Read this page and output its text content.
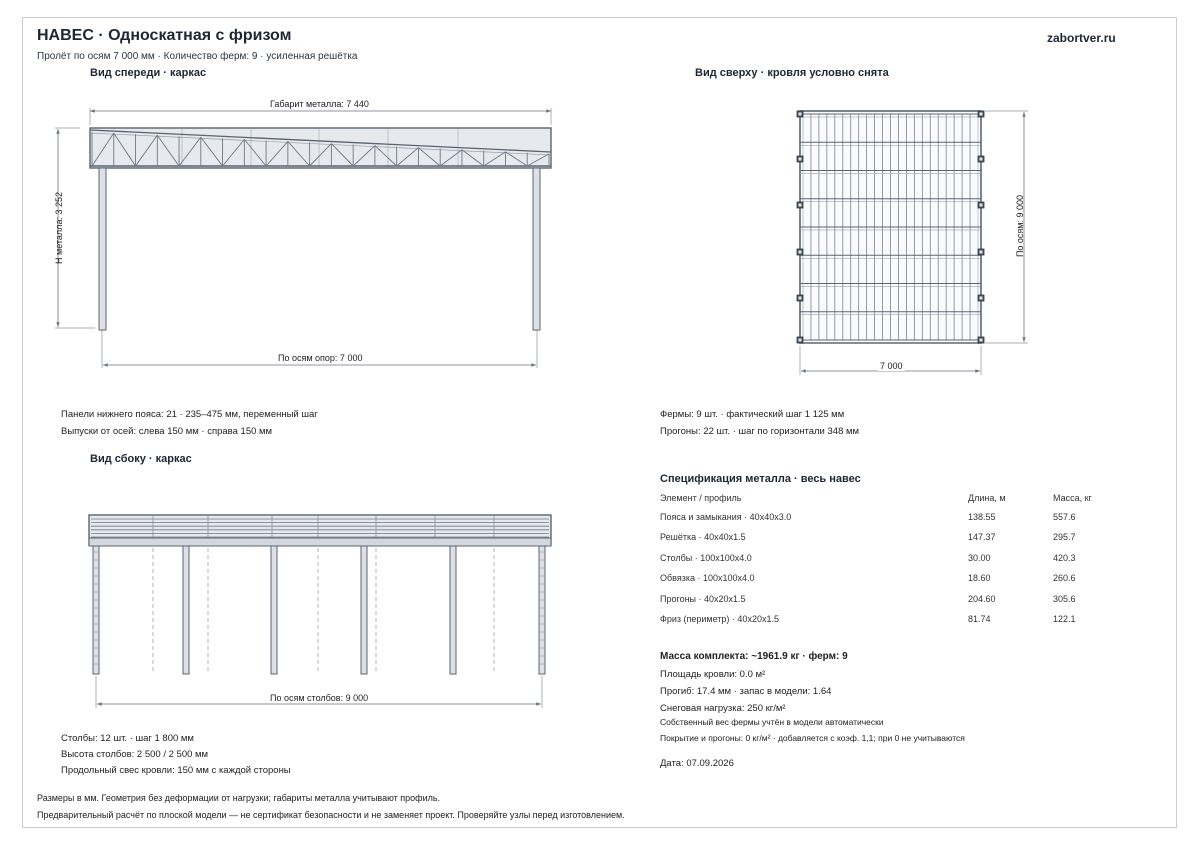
НАВЕС · Односкатная с фризом
Пролёт по осям 7 000 мм · Количество ферм: 9 · усиленная решётка
zabortver.ru
Вид спереди · каркас	Вид сверху · кровля условно снята
Вид сбоку · каркас
Габарит металла: 7 440
H металла: 3 252
По осям опор: 7 000
По осям: 9 000
7 000
По осям столбов: 9 000
Панели нижнего пояса: 21 · 235–475 мм, переменный шаг
Выпуски от осей: слева 150 мм · справа 150 мм
Фермы: 9 шт. · фактический шаг 1 125 мм
Прогоны: 22 шт. · шаг по горизонтали 348 мм
Столбы: 12 шт. · шаг 1 800 мм
Высота столбов: 2 500 / 2 500 мм
Продольный свес кровли: 150 мм с каждой стороны
Спецификация металла · весь навес
Элемент / профиль	Длина, м	Масса, кг
Пояса и замыкания · 40x40x3.0	138.55	557.6
Решётка · 40x40x1.5	147.37	295.7
Столбы · 100x100x4.0	30.00	420.3
Обвязка · 100x100x4.0	18.60	260.6
Прогоны · 40x20x1.5	204.60	305.6
Фриз (периметр) · 40x20x1.5	81.74	122.1
Масса комплекта: ~1961.9 кг · ферм: 9
Площадь кровли: 0.0 м²
Прогиб: 17.4 мм · запас в модели: 1.64
Снеговая нагрузка: 250 кг/м²
Собственный вес фермы учтён в модели автоматически
Покрытие и прогоны: 0 кг/м² · добавляется с коэф. 1,1; при 0 не учитываются
Дата: 07.09.2026
Размеры в мм. Геометрия без деформации от нагрузки; габариты металла учитывают профиль.
Предварительный расчёт по плоской модели — не сертификат безопасности и не заменяет проект. Проверяйте узлы перед изготовлением.
